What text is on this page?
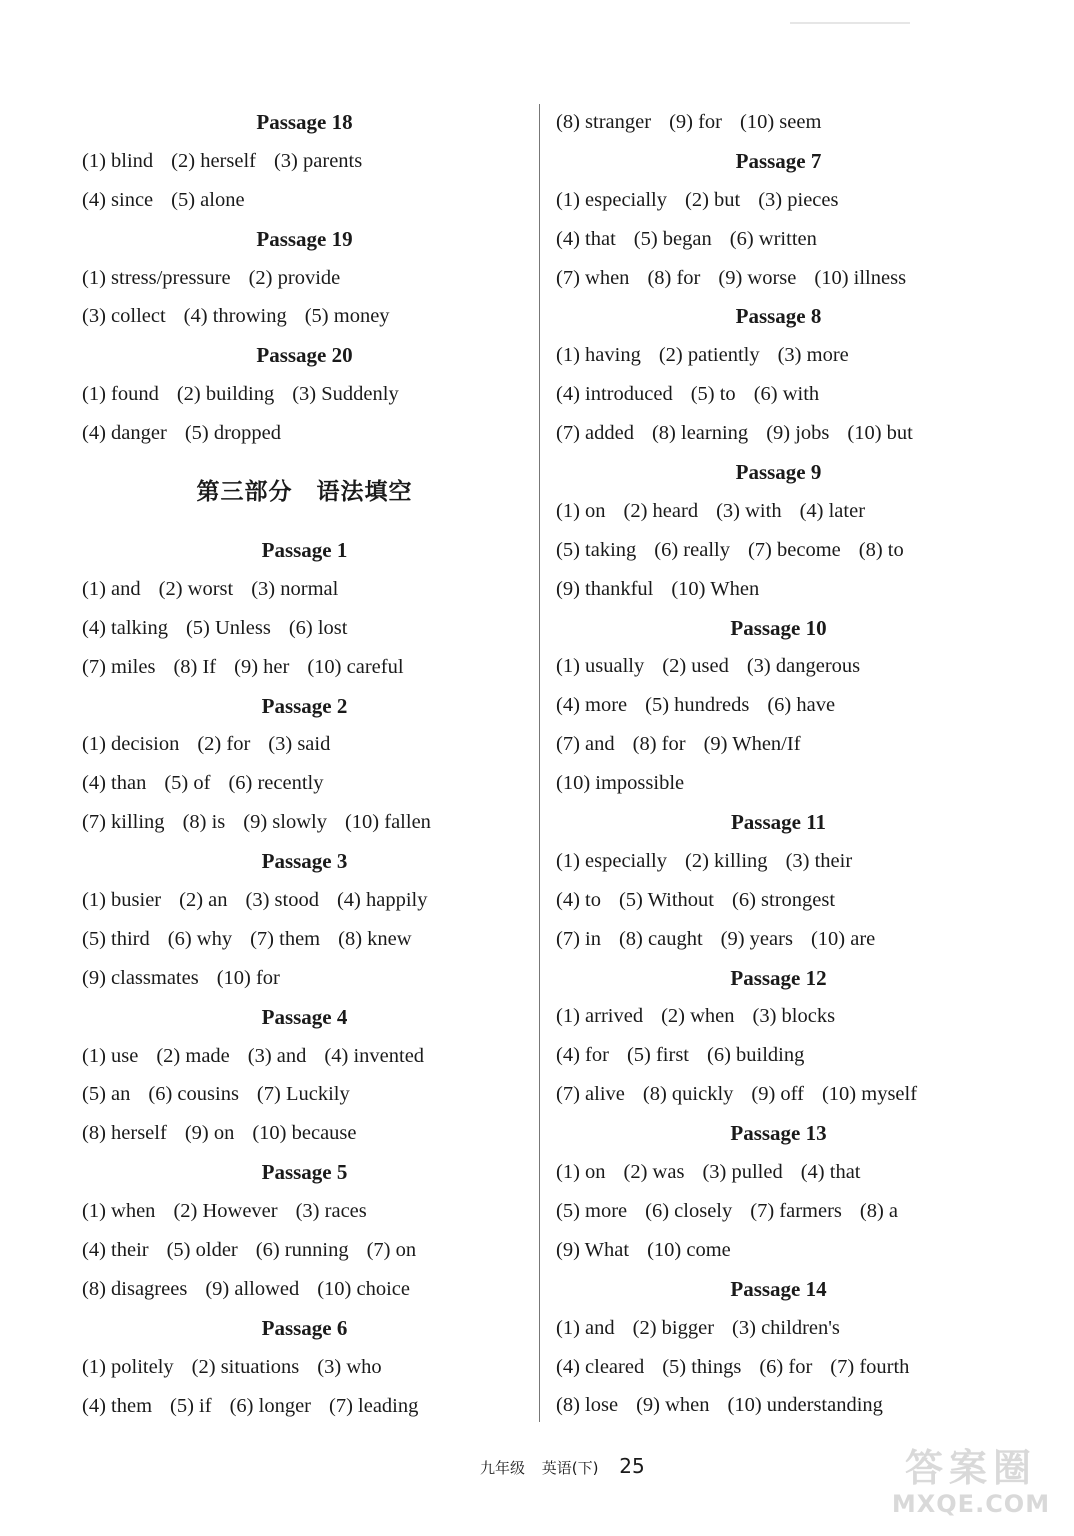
Passage 18
(1) blind (2) herself (3) parents
(4) since (5) alone
Passage 19
(1) stress/pressure (2) provide
(3) collect (4) throwing (5) money
Passage 20
(1) found (2) building (3) Suddenly
(4) danger (5) dropped
第三部分　语法填空
Passage 1
(1) and (2) worst (3) normal
(4) talking (5) Unless (6) lost
(7) miles (8) If (9) her (10) careful
Passage 2
(1) decision (2) for (3) said
(4) than (5) of (6) recently
(7) killing (8) is (9) slowly (10) fallen
Passage 3
(1) busier (2) an (3) stood (4) happily
(5) third (6) why (7) them (8) knew
(9) classmates (10) for
Passage 4
(1) use (2) made (3) and (4) invented
(5) an (6) cousins (7) Luckily
(8) herself (9) on (10) because
Passage 5
(1) when (2) However (3) races
(4) their (5) older (6) running (7) on
(8) disagrees (9) allowed (10) choice
Passage 6
(1) politely (2) situations (3) who
(4) them (5) if (6) longer (7) leading
(8) stranger (9) for (10) seem
Passage 7
(1) especially (2) but (3) pieces
(4) that (5) began (6) written
(7) when (8) for (9) worse (10) illness
Passage 8
(1) having (2) patiently (3) more
(4) introduced (5) to (6) with
(7) added (8) learning (9) jobs (10) but
Passage 9
(1) on (2) heard (3) with (4) later
(5) taking (6) really (7) become (8) to
(9) thankful (10) When
Passage 10
(1) usually (2) used (3) dangerous
(4) more (5) hundreds (6) have
(7) and (8) for (9) When/If
(10) impossible
Passage 11
(1) especially (2) killing (3) their
(4) to (5) Without (6) strongest
(7) in (8) caught (9) years (10) are
Passage 12
(1) arrived (2) when (3) blocks
(4) for (5) first (6) building
(7) alive (8) quickly (9) off (10) myself
Passage 13
(1) on (2) was (3) pulled (4) that
(5) more (6) closely (7) farmers (8) a
(9) What (10) come
Passage 14
(1) and (2) bigger (3) children's
(4) cleared (5) things (6) for (7) fourth
(8) lose (9) when (10) understanding
九年级 英语(下) 25	答案圈
MXQE.COM
